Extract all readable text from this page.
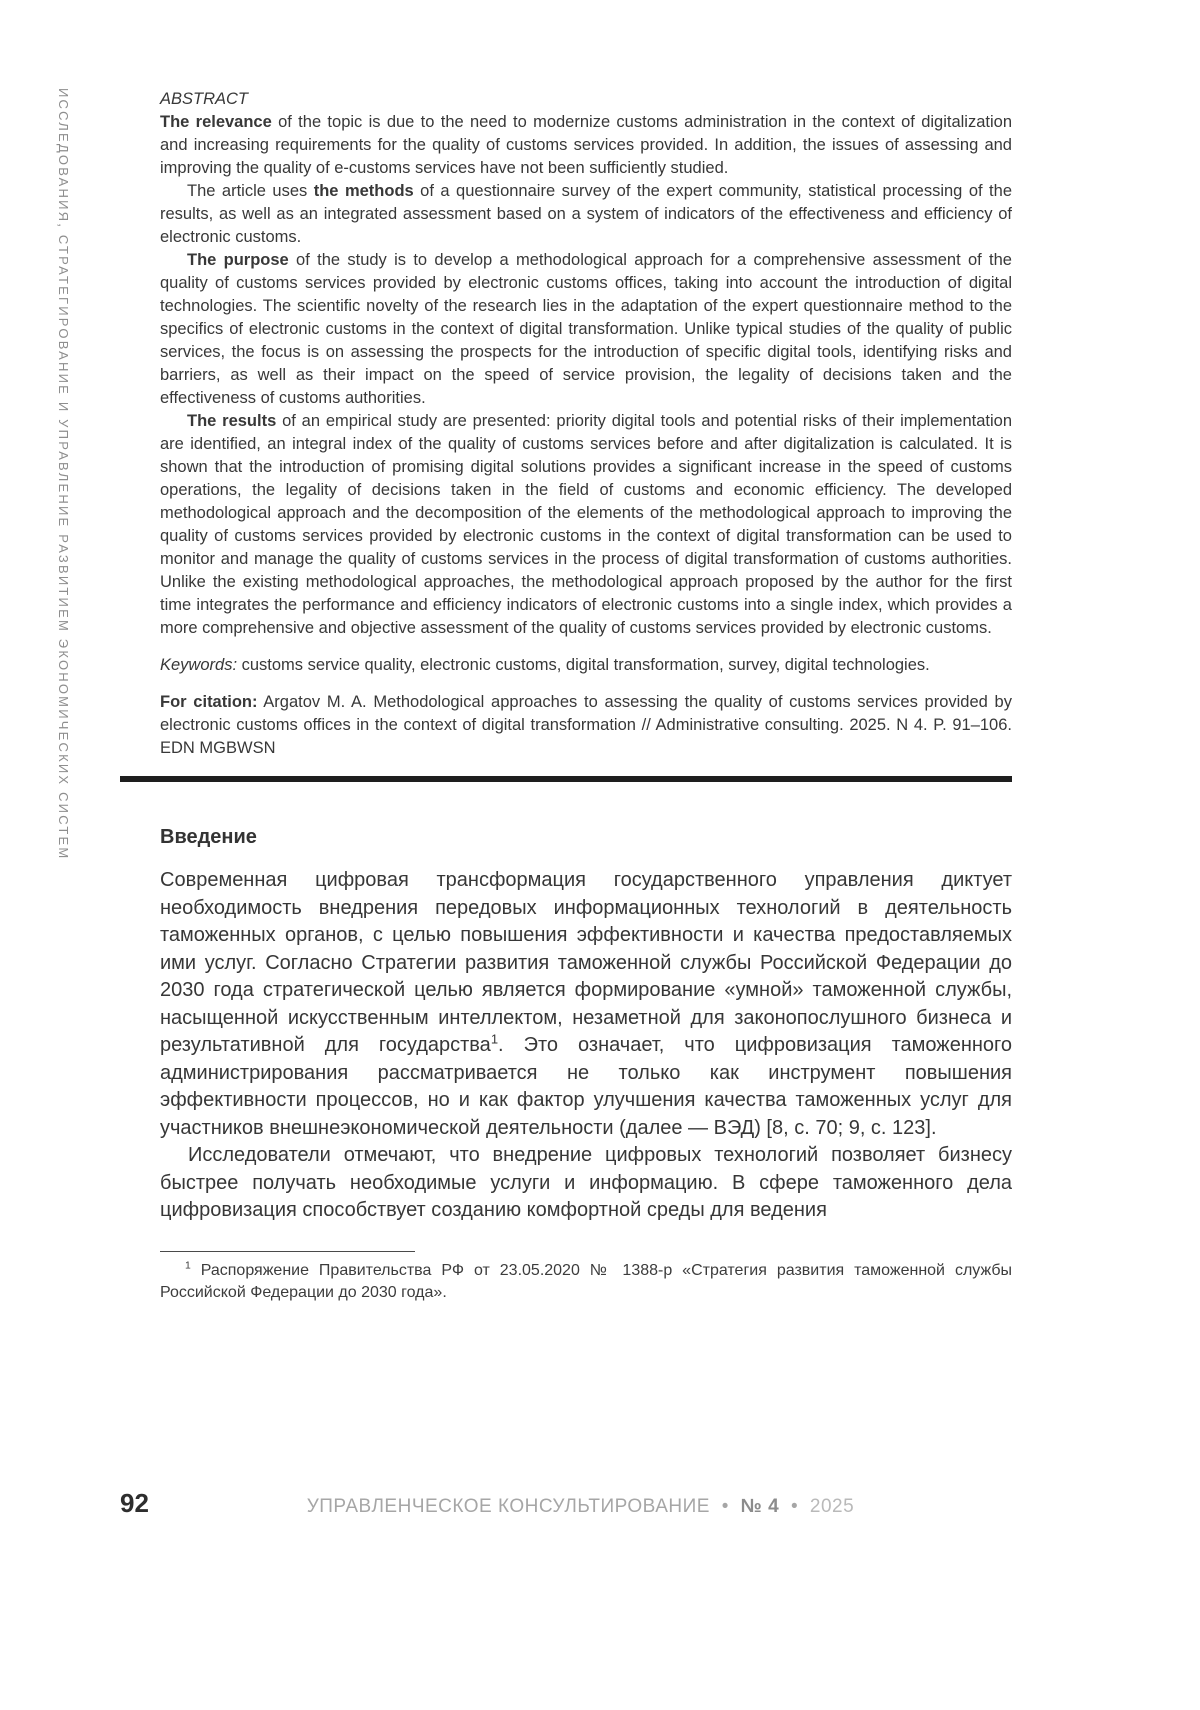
ИССЛЕДОВАНИЯ, СТРАТЕГИРОВАНИЕ И УПРАВЛЕНИЕ РАЗВИТИЕМ ЭКОНОМИЧЕСКИХ СИСТЕМ	ABSTRACT

The relevance of the topic is due to the need to modernize customs administration in the context of digitalization and increasing requirements for the quality of customs services provided. In addition, the issues of assessing and improving the quality of e-customs services have not been sufficiently studied.

The article uses the methods of a questionnaire survey of the expert community, statistical processing of the results, as well as an integrated assessment based on a system of indicators of the effectiveness and efficiency of electronic customs.

The purpose of the study is to develop a methodological approach for a comprehensive assessment of the quality of customs services provided by electronic customs offices, taking into account the introduction of digital technologies. The scientific novelty of the research lies in the adaptation of the expert questionnaire method to the specifics of electronic customs in the context of digital transformation. Unlike typical studies of the quality of public services, the focus is on assessing the prospects for the introduction of specific digital tools, identifying risks and barriers, as well as their impact on the speed of service provision, the legality of decisions taken and the effectiveness of customs authorities.

The results of an empirical study are presented: priority digital tools and potential risks of their implementation are identified, an integral index of the quality of customs services before and after digitalization is calculated. It is shown that the introduction of promising digital solutions provides a significant increase in the speed of customs operations, the legality of decisions taken in the field of customs and economic efficiency. The developed methodological approach and the decomposition of the elements of the methodological approach to improving the quality of customs services provided by electronic customs in the context of digital transformation can be used to monitor and manage the quality of customs services in the process of digital transformation of customs authorities. Unlike the existing methodological approaches, the methodological approach proposed by the author for the first time integrates the performance and efficiency indicators of electronic customs into a single index, which provides a more comprehensive and objective assessment of the quality of customs services provided by electronic customs.

Keywords: customs service quality, electronic customs, digital transformation, survey, digital technologies.

For citation: Argatov M. A. Methodological approaches to assessing the quality of customs services provided by electronic customs offices in the context of digital transformation // Administrative consulting. 2025. N 4. P. 91–106. EDN MGBWSN

Введение

Современная цифровая трансформация государственного управления диктует необходимость внедрения передовых информационных технологий в деятельность таможенных органов, с целью повышения эффективности и качества предоставляемых ими услуг. Согласно Стратегии развития таможенной службы Российской Федерации до 2030 года стратегической целью является формирование «умной» таможенной службы, насыщенной искусственным интеллектом, незаметной для законопослушного бизнеса и результативной для государства$^1$. Это означает, что цифровизация таможенного администрирования рассматривается не только как инструмент повышения эффективности процессов, но и как фактор улучшения качества таможенных услуг для участников внешнеэкономической деятельности (далее — ВЭД) [8, с. 70; 9, с. 123].

Исследователи отмечают, что внедрение цифровых технологий позволяет бизнесу быстрее получать необходимые услуги и информацию. В сфере таможенного дела цифровизация способствует созданию комфортной среды для ведения

$^1$ Распоряжение Правительства РФ от 23.05.2020 № 1388-р «Стратегия развития таможенной службы Российской Федерации до 2030 года».

92	УПРАВЛЕНЧЕСКОЕ КОНСУЛЬТИРОВАНИЕ • № 4 • 2025
